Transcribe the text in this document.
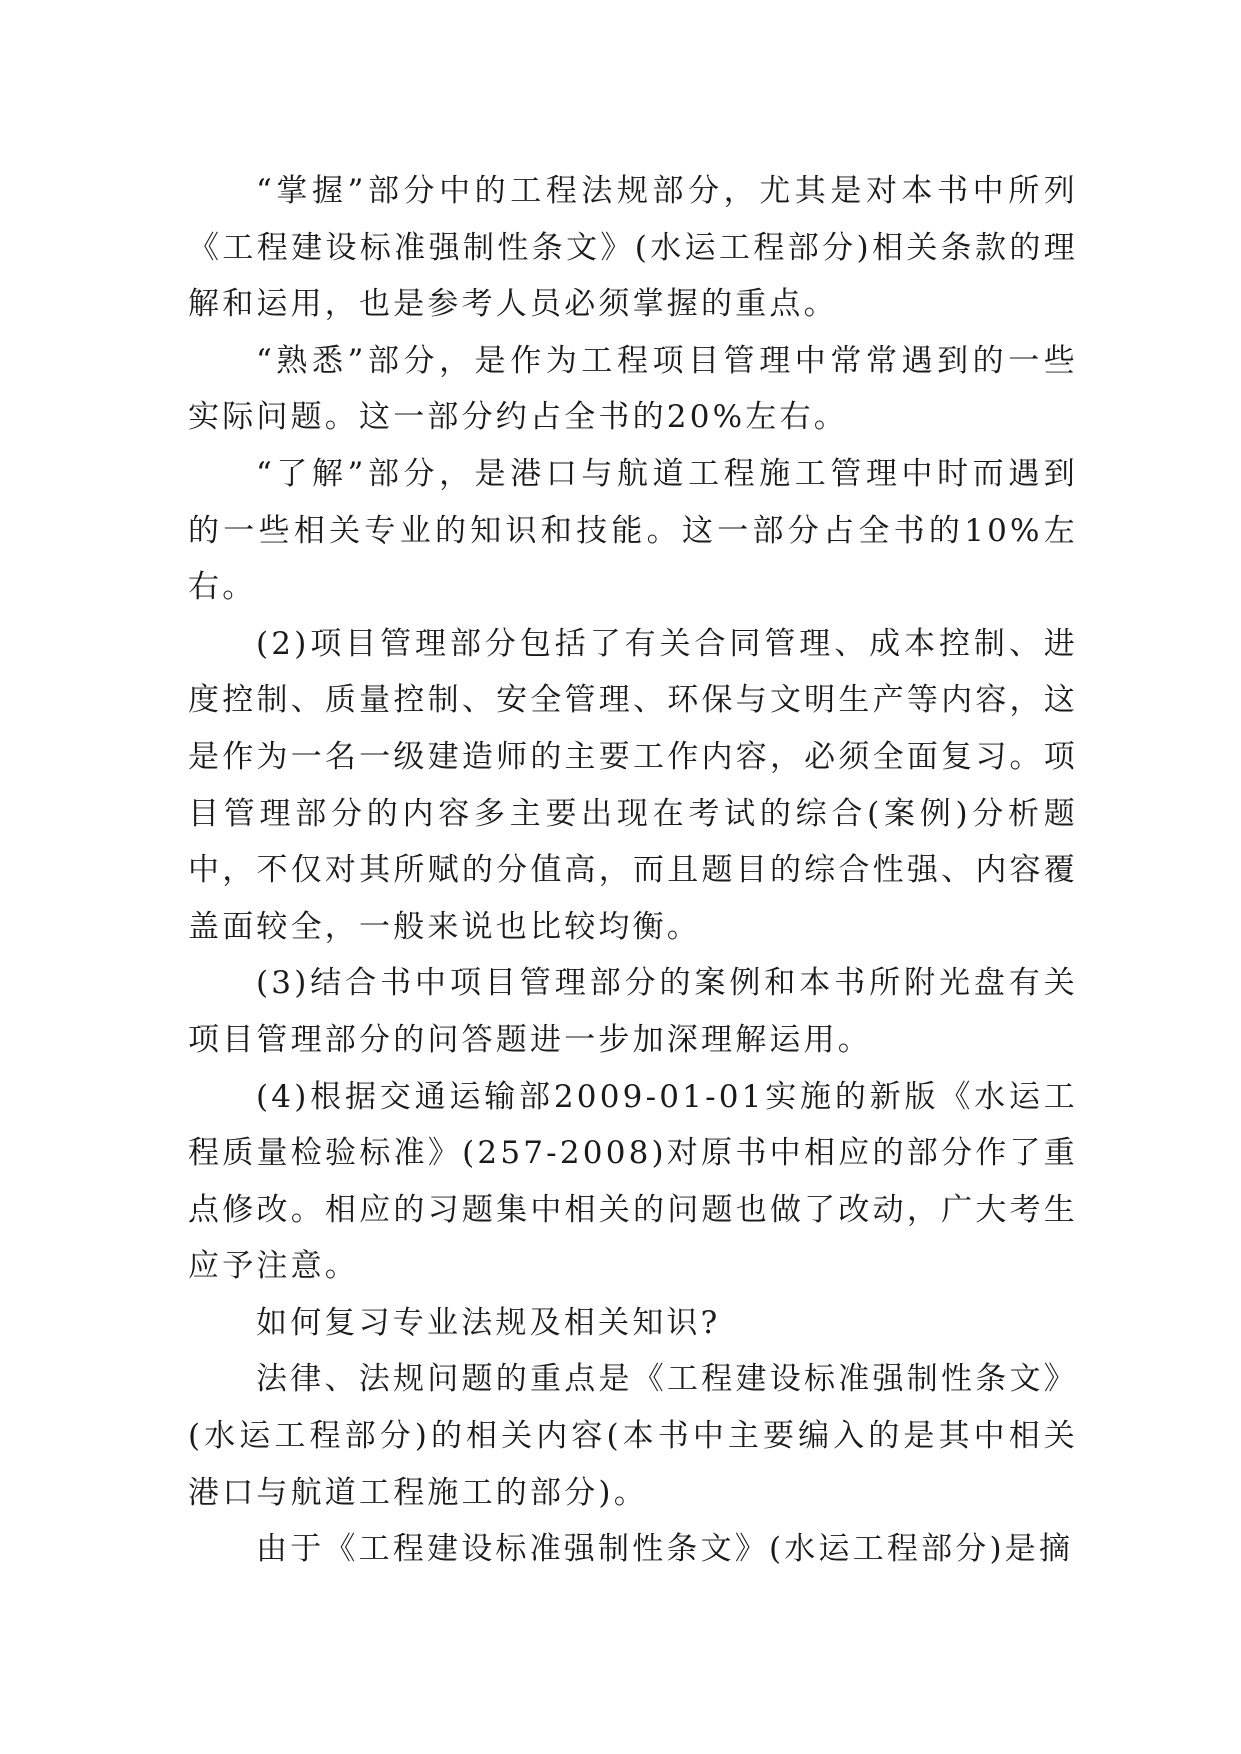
“掌握”部分中的工程法规部分，尤其是对本书中所列《工程建设标准强制性条文》(水运工程部分)相关条款的理解和运用，也是参考人员必须掌握的重点。

“熟悉”部分，是作为工程项目管理中常常遇到的一些实际问题。这一部分约占全书的20%左右。

“了解”部分，是港口与航道工程施工管理中时而遇到的一些相关专业的知识和技能。这一部分占全书的10%左右。

(2)项目管理部分包括了有关合同管理、成本控制、进度控制、质量控制、安全管理、环保与文明生产等内容，这是作为一名一级建造师的主要工作内容，必须全面复习。项目管理部分的内容多主要出现在考试的综合(案例)分析题中，不仅对其所赋的分值高，而且题目的综合性强、内容覆盖面较全，一般来说也比较均衡。

(3)结合书中项目管理部分的案例和本书所附光盘有关项目管理部分的问答题进一步加深理解运用。

(4)根据交通运输部2009-01-01实施的新版《水运工程质量检验标准》(257-2008)对原书中相应的部分作了重点修改。相应的习题集中相关的问题也做了改动，广大考生应予注意。

如何复习专业法规及相关知识?

法律、法规问题的重点是《工程建设标准强制性条文》(水运工程部分)的相关内容(本书中主要编入的是其中相关港口与航道工程施工的部分)。

由于《工程建设标准强制性条文》(水运工程部分)是摘
